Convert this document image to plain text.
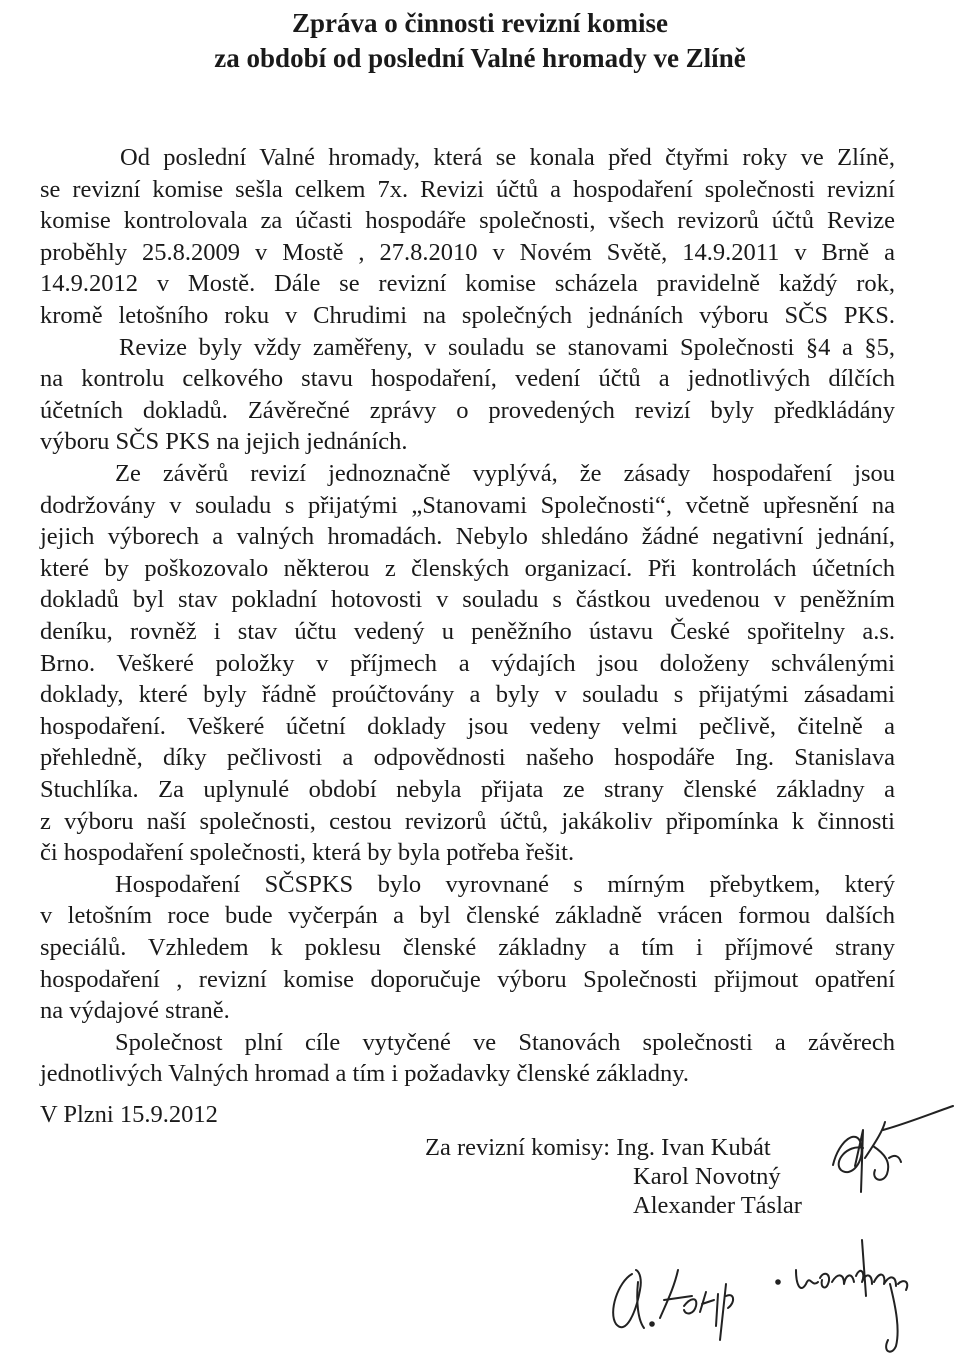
Zpráva o činnosti revizní komise
za období od poslední Valné hromady ve Zlíně
Od poslední Valné hromady, která se konala před čtyřmi roky ve Zlíně,
se revizní komise sešla celkem 7x. Revizi účtů a hospodaření společnosti revizní
komise kontrolovala za účasti hospodáře společnosti, všech revizorů účtů Revize
proběhly 25.8.2009 v Mostě , 27.8.2010 v Novém Světě, 14.9.2011 v Brně a
14.9.2012 v Mostě. Dále se revizní komise scházela pravidelně každý rok,
kromě letošního roku v Chrudimi na společných jednáních výboru SČS PKS.
Revize byly vždy zaměřeny, v souladu se stanovami Společnosti §4 a §5,
na kontrolu celkového stavu hospodaření, vedení účtů a jednotlivých dílčích
účetních dokladů. Závěrečné zprávy o provedených revizí byly předkládány
výboru SČS PKS na jejich jednáních.
Ze závěrů revizí jednoznačně vyplývá, že zásady hospodaření jsou
dodržovány v souladu s přijatými „Stanovami Společnosti“, včetně upřesnění na
jejich výborech a valných hromadách. Nebylo shledáno žádné negativní jednání,
které by poškozovalo některou z členských organizací. Při kontrolách účetních
dokladů byl stav pokladní hotovosti v souladu s částkou uvedenou v peněžním
deníku, rovněž i stav účtu vedený u peněžního ústavu České spořitelny a.s.
Brno. Veškeré položky v příjmech a výdajích jsou doloženy schválenými
doklady, které byly řádně proúčtovány a byly v souladu s přijatými zásadami
hospodaření. Veškeré účetní doklady jsou vedeny velmi pečlivě, čitelně a
přehledně, díky pečlivosti a odpovědnosti našeho hospodáře Ing. Stanislava
Stuchlíka. Za uplynulé období nebyla přijata ze strany členské základny a
z výboru naší společnosti, cestou revizorů účtů, jakákoliv připomínka k činnosti
či hospodaření společnosti, která by byla potřeba řešit.
Hospodaření SČSPKS bylo vyrovnané s mírným přebytkem, který
v letošním roce bude vyčerpán a byl členské základně vrácen formou dalších
speciálů. Vzhledem k poklesu členské základny a tím i příjmové strany
hospodaření , revizní komise doporučuje výboru Společnosti přijmout opatření
na výdajové straně.
Společnost plní cíle vytyčené ve Stanovách společnosti a závěrech
jednotlivých Valných hromad a tím i požadavky členské základny.
V Plzni 15.9.2012
Za revizní komisy: Ing. Ivan Kubát
Karol Novotný
Alexander Táslar
